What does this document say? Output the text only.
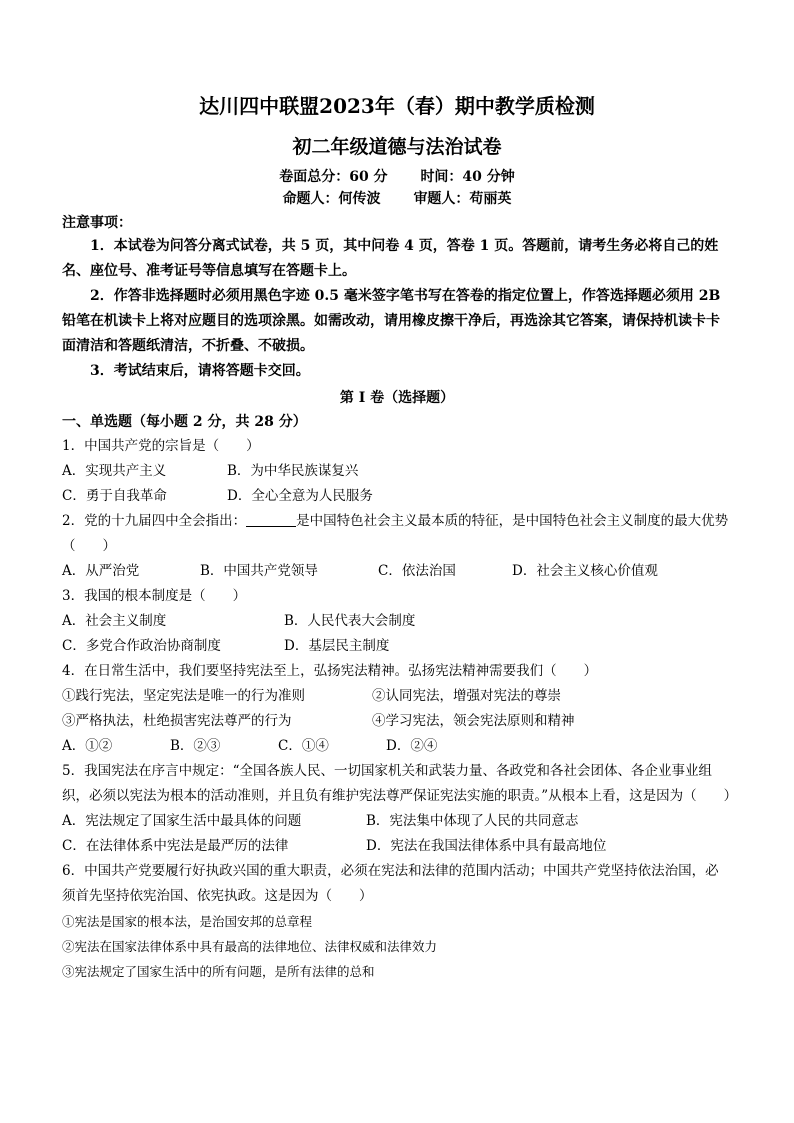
达川四中联盟2023年（春）期中教学质检测
初二年级道德与法治试卷
卷面总分：60 分 时间：40 分钟
命题人：何传波 审题人：苟丽英
注意事项：

1．本试卷为问答分离式试卷，共 5 页，其中问卷 4 页，答卷 1 页。答题前，请考生务必将自己的姓名、座位号、准考证号等信息填写在答题卡上。

2．作答非选择题时必须用黑色字迹 0.5 毫米签字笔书写在答卷的指定位置上，作答选择题必须用 2B 铅笔在机读卡上将对应题目的选项涂黑。如需改动，请用橡皮擦干净后，再选涂其它答案，请保持机读卡卡面清洁和答题纸清洁，不折叠、不破损。

3．考试结束后，请将答题卡交回。

第 I 卷（选择题）
一、单选题（每小题 2 分，共 28 分）

1．中国共产党的宗旨是（　　）

A．实现共产主义	B．为中华民族谋复兴
C．勇于自我革命	D．全心全意为人民服务

2．党的十九届四中全会指出：	是中国特色社会主义最本质的特征，是中国特色社会主义制度的最大优势（　　）

A．从严治党	B．中国共产党领导	C．依法治国	D．社会主义核心价值观

3．我国的根本制度是（　　）

A．社会主义制度	B．人民代表大会制度
C．多党合作政治协商制度	D．基层民主制度

4．在日常生活中，我们要坚持宪法至上，弘扬宪法精神。弘扬宪法精神需要我们（　　）

①践行宪法，坚定宪法是唯一的行为准则	②认同宪法，增强对宪法的尊崇
③严格执法，杜绝损害宪法尊严的行为	④学习宪法，领会宪法原则和精神
A．①②	B．②③	C．①④	D．②④

5．我国宪法在序言中规定：“全国各族人民、一切国家机关和武装力量、各政党和各社会团体、各企业事业组织，必须以宪法为根本的活动准则，并且负有维护宪法尊严保证宪法实施的职责。”从根本上看，这是因为（　　）

A．宪法规定了国家生活中最具体的问题	B．宪法集中体现了人民的共同意志
C．在法律体系中宪法是最严厉的法律	D．宪法在我国法律体系中具有最高地位

6．中国共产党要履行好执政兴国的重大职责，必须在宪法和法律的范围内活动；中国共产党坚持依法治国，必须首先坚持依宪治国、依宪执政。这是因为（　　）

①宪法是国家的根本法，是治国安邦的总章程

②宪法在国家法律体系中具有最高的法律地位、法律权威和法律效力

③宪法规定了国家生活中的所有问题，是所有法律的总和
